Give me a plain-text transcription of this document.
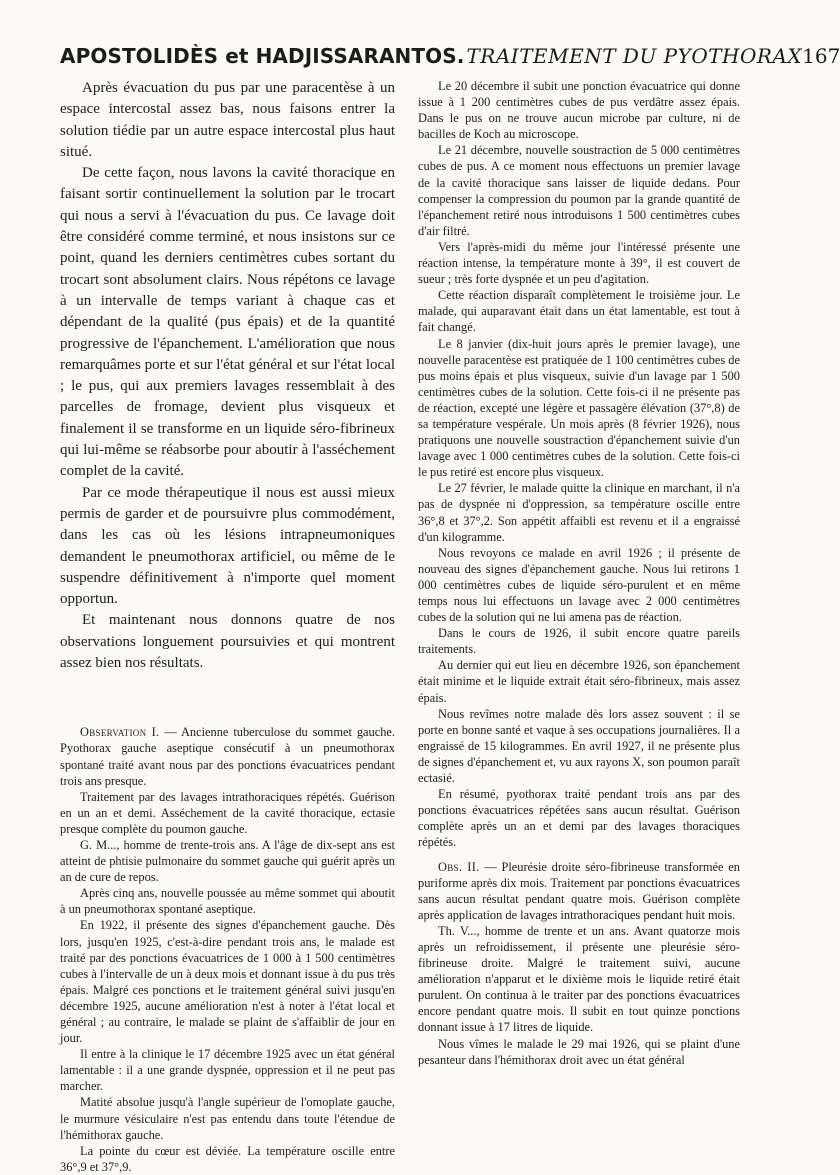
APOSTOLIDÈS et HADJISSARANTOS. TRAITEMENT DU PYOTHORAX 167

Après évacuation du pus par une paracentèse à un espace intercostal assez bas, nous faisons entrer la solution tiédie par un autre espace intercostal plus haut situé.

De cette façon, nous lavons la cavité thoracique en faisant sortir continuellement la solution par le trocart qui nous a servi à l'évacuation du pus. Ce lavage doit être considéré comme terminé, et nous insistons sur ce point, quand les derniers centimètres cubes sortant du trocart sont absolument clairs. Nous répétons ce lavage à un intervalle de temps variant à chaque cas et dépendant de la qualité (pus épais) et de la quantité progressive de l'épanchement. L'amélioration que nous remarquâmes porte et sur l'état général et sur l'état local ; le pus, qui aux premiers lavages ressemblait à des parcelles de fromage, devient plus visqueux et finalement il se transforme en un liquide séro-fibrineux qui lui-même se réabsorbe pour aboutir à l'asséchement complet de la cavité.

Par ce mode thérapeutique il nous est aussi mieux permis de garder et de poursuivre plus commodément, dans les cas où les lésions intrapneumoniques demandent le pneumothorax artificiel, ou même de le suspendre définitivement à n'importe quel moment opportun.

Et maintenant nous donnons quatre de nos observations longuement poursuivies et qui montrent assez bien nos résultats.

Observation I. — Ancienne tuberculose du sommet gauche. Pyothorax gauche aseptique consécutif à un pneumothorax spontané traité avant nous par des ponctions évacuatrices pendant trois ans presque.

Traitement par des lavages intrathoraciques répétés. Guérison en un an et demi. Asséchement de la cavité thoracique, ectasie presque complète du poumon gauche.

G. M..., homme de trente-trois ans. A l'âge de dix-sept ans est atteint de phtisie pulmonaire du sommet gauche qui guérit après un an de cure de repos.

Après cinq ans, nouvelle poussée au même sommet qui aboutit à un pneumothorax spontané aseptique.

En 1922, il présente des signes d'épanchement gauche. Dès lors, jusqu'en 1925, c'est-à-dire pendant trois ans, le malade est traité par des ponctions évacuatrices de 1 000 à 1 500 centimètres cubes à l'intervalle de un à deux mois et donnant issue à du pus très épais. Malgré ces ponctions et le traitement général suivi jusqu'en décembre 1925, aucune amélioration n'est à noter à l'état local et général ; au contraire, le malade se plaint de s'affaiblir de jour en jour.

Il entre à la clinique le 17 décembre 1925 avec un état général lamentable : il a une grande dyspnée, oppression et il ne peut pas marcher.

Matité absolue jusqu'à l'angle supérieur de l'omoplate gauche, le murmure vésiculaire n'est pas entendu dans toute l'étendue de l'hémithorax gauche.

La pointe du cœur est déviée. La température oscille entre 36°,9 et 37°,9.

Le 20 décembre il subit une ponction évacuatrice qui donne issue à 1 200 centimètres cubes de pus verdâtre assez épais. Dans le pus on ne trouve aucun microbe par culture, ni de bacilles de Koch au microscope.

Le 21 décembre, nouvelle soustraction de 5 000 centimètres cubes de pus. A ce moment nous effectuons un premier lavage de la cavité thoracique sans laisser de liquide dedans. Pour compenser la compression du poumon par la grande quantité de l'épanchement retiré nous introduisons 1 500 centimètres cubes d'air filtré.

Vers l'après-midi du même jour l'intéressé présente une réaction intense, la température monte à 39°, il est couvert de sueur ; très forte dyspnée et un peu d'agitation.

Cette réaction disparaît complètement le troisième jour. Le malade, qui auparavant était dans un état lamentable, est tout à fait changé.

Le 8 janvier (dix-huit jours après le premier lavage), une nouvelle paracentèse est pratiquée de 1 100 centimètres cubes de pus moins épais et plus visqueux, suivie d'un lavage par 1 500 centimètres cubes de la solution. Cette fois-ci il ne présente pas de réaction, excepté une légère et passagère élévation (37°,8) de sa température vespérale. Un mois après (8 février 1926), nous pratiquons une nouvelle soustraction d'épanchement suivie d'un lavage avec 1 000 centimètres cubes de la solution. Cette fois-ci le pus retiré est encore plus visqueux.

Le 27 février, le malade quitte la clinique en marchant, il n'a pas de dyspnée ni d'oppression, sa température oscille entre 36°,8 et 37°,2. Son appétit affaibli est revenu et il a engraissé d'un kilogramme.

Nous revoyons ce malade en avril 1926 ; il présente de nouveau des signes d'épanchement gauche. Nous lui retirons 1 000 centimètres cubes de liquide séro-purulent et en même temps nous lui effectuons un lavage avec 2 000 centimètres cubes de la solution qui ne lui amena pas de réaction.

Dans le cours de 1926, il subit encore quatre pareils traitements.

Au dernier qui eut lieu en décembre 1926, son épanchement était minime et le liquide extrait était séro-fibrineux, mais assez épais.

Nous revîmes notre malade dès lors assez souvent : il se porte en bonne santé et vaque à ses occupations journalières. Il a engraissé de 15 kilogrammes. En avril 1927, il ne présente plus de signes d'épanchement et, vu aux rayons X, son poumon paraît ectasié.

En résumé, pyothorax traité pendant trois ans par des ponctions évacuatrices répétées sans aucun résultat. Guérison complète après un an et demi par des lavages thoraciques répétés.

Obs. II. — Pleurésie droite séro-fibrineuse transformée en puriforme après dix mois. Traitement par ponctions évacuatrices sans aucun résultat pendant quatre mois. Guérison complète après application de lavages intrathoraciques pendant huit mois.

Th. V..., homme de trente et un ans. Avant quatorze mois après un refroidissement, il présente une pleurésie séro-fibrineuse droite. Malgré le traitement suivi, aucune amélioration n'apparut et le dixième mois le liquide retiré était purulent. On continua à le traiter par des ponctions évacuatrices encore pendant quatre mois. Il subit en tout quinze ponctions donnant issue à 17 litres de liquide.

Nous vîmes le malade le 29 mai 1926, qui se plaint d'une pesanteur dans l'hémithorax droit avec un état général
